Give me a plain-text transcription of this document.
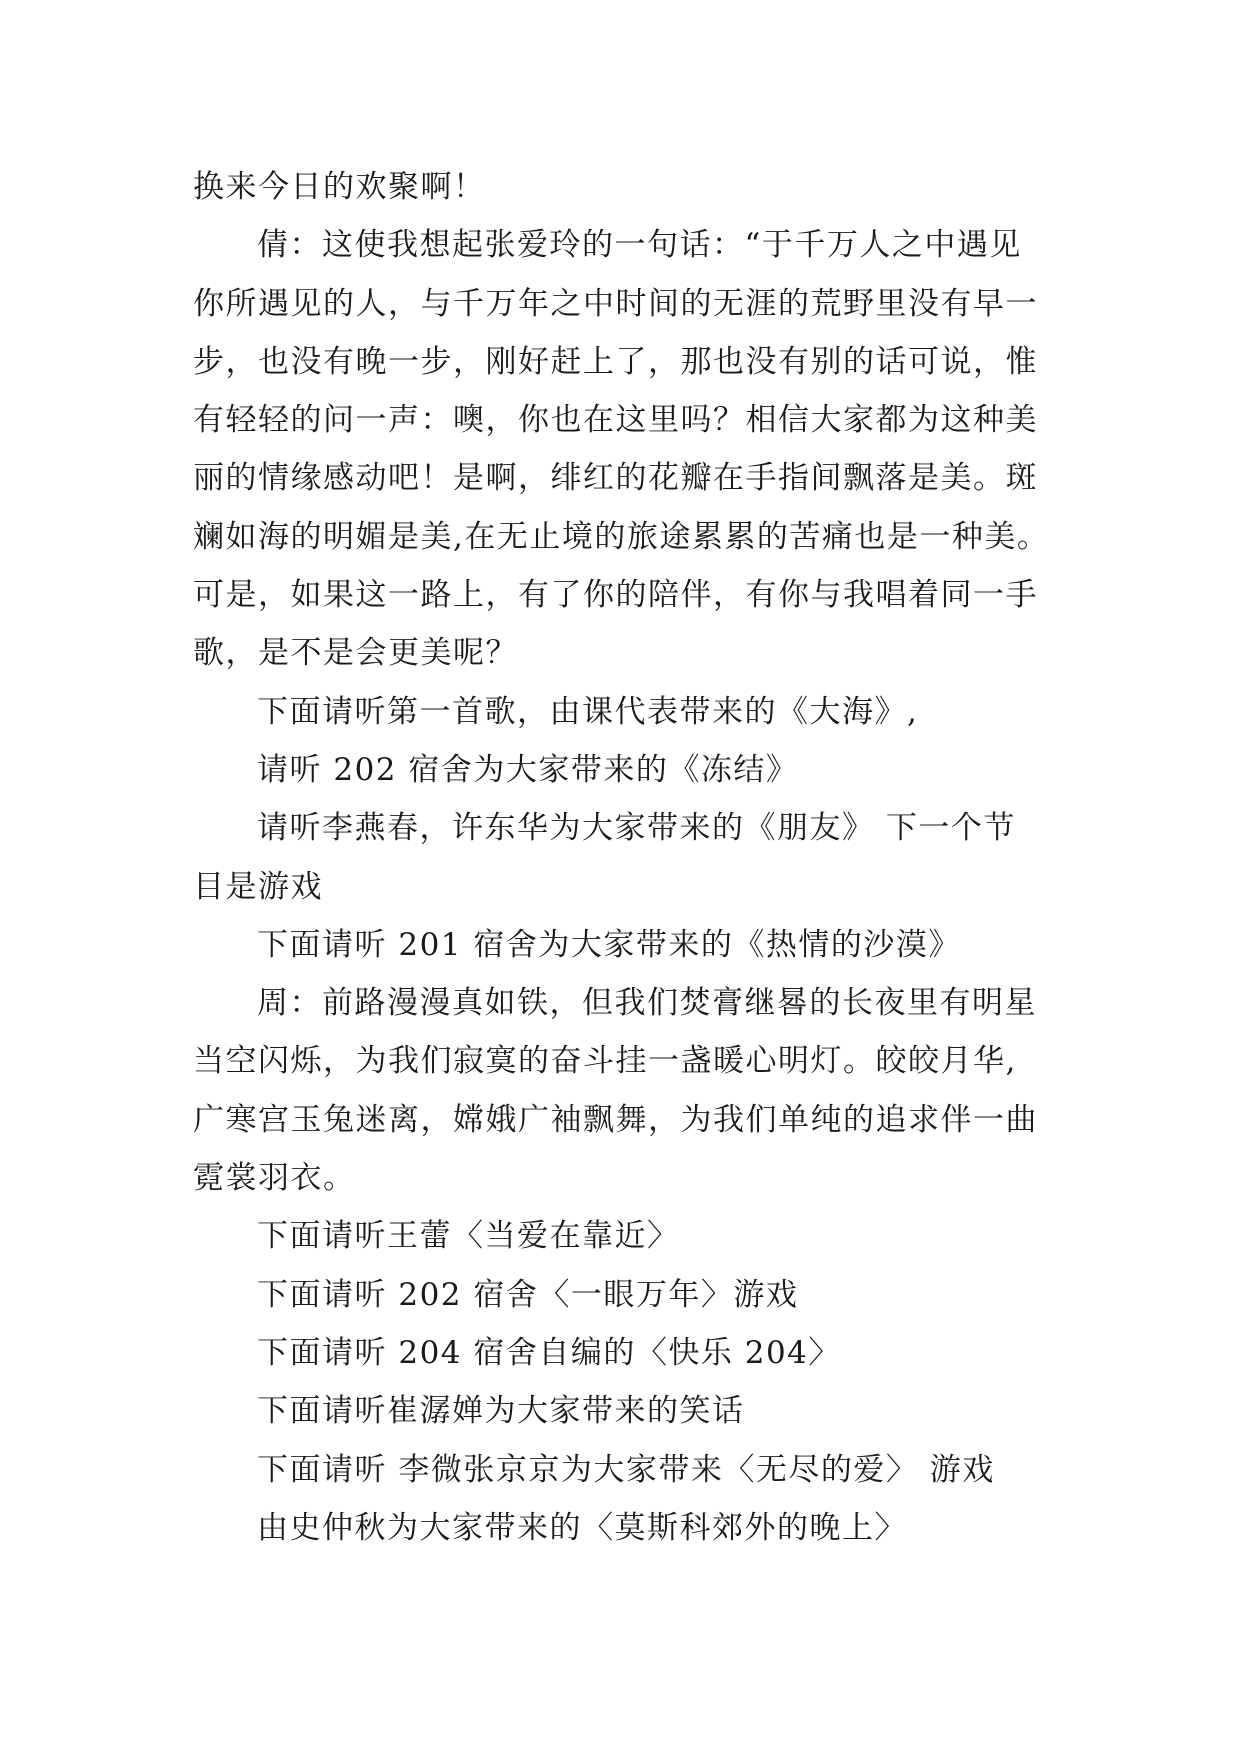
换来今日的欢聚啊！

倩：这使我想起张爱玲的一句话：“于千万人之中遇见

你所遇见的人，与千万年之中时间的无涯的荒野里没有早一

步，也没有晚一步，刚好赶上了，那也没有别的话可说，惟

有轻轻的问一声：噢，你也在这里吗？相信大家都为这种美

丽的情缘感动吧！是啊，绯红的花瓣在手指间飘落是美。斑

斓如海的明媚是美,在无止境的旅途累累的苦痛也是一种美。

可是，如果这一路上，有了你的陪伴，有你与我唱着同一手

歌，是不是会更美呢？

下面请听第一首歌，由课代表带来的《大海》,

请听 202 宿舍为大家带来的《冻结》

请听李燕春，许东华为大家带来的《朋友》 下一个节

目是游戏

下面请听 201 宿舍为大家带来的《热情的沙漠》

周：前路漫漫真如铁，但我们焚膏继晷的长夜里有明星

当空闪烁，为我们寂寞的奋斗挂一盏暖心明灯。皎皎月华,

广寒宫玉兔迷离，嫦娥广袖飘舞，为我们单纯的追求伴一曲

霓裳羽衣。

下面请听王蕾〈当爱在靠近〉

下面请听 202 宿舍〈一眼万年〉游戏

下面请听 204 宿舍自编的〈快乐 204〉

下面请听崔潺婵为大家带来的笑话

下面请听 李微张京京为大家带来〈无尽的爱〉 游戏

由史仲秋为大家带来的〈莫斯科郊外的晚上〉
